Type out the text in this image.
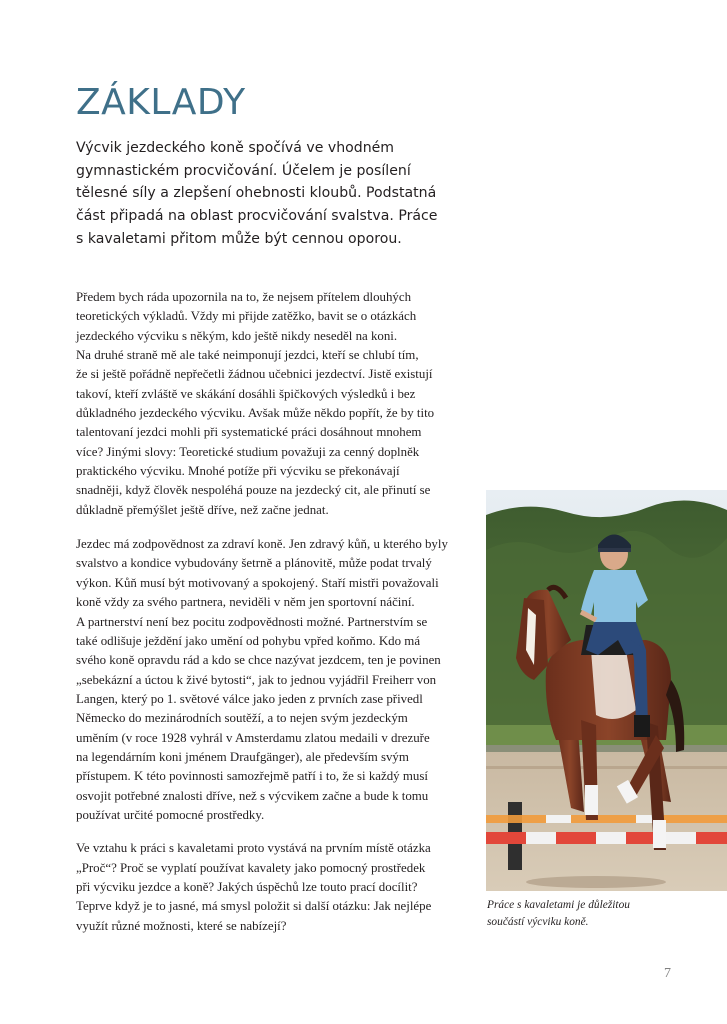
ZÁKLADY

Výcvik jezdeckého koně spočívá ve vhodném
gymnastickém procvičování. Účelem je posílení
tělesné síly a zlepšení ohebnosti kloubů. Podstatná
část připadá na oblast procvičování svalstva. Práce
s kavaletami přitom může být cennou oporou.

Předem bych ráda upozornila na to, že nejsem přítelem dlouhých
teoretických výkladů. Vždy mi přijde zatěžko, bavit se o otázkách
jezdeckého výcviku s někým, kdo ještě nikdy neseděl na koni.
Na druhé straně mě ale také neimponují jezdci, kteří se chlubí tím,
že si ještě pořádně nepřečetli žádnou učebnici jezdectví. Jistě existují
takoví, kteří zvláště ve skákání dosáhli špičkových výsledků i bez
důkladného jezdeckého výcviku. Avšak může někdo popřít, že by tito
talentovaní jezdci mohli při systematické práci dosáhnout mnohem
více? Jinými slovy: Teoretické studium považuji za cenný doplněk
praktického výcviku. Mnohé potíže při výcviku se překonávají
snadněji, když člověk nespoléhá pouze na jezdecký cit, ale přinutí se
důkladně přemýšlet ještě dříve, než začne jednat.

Jezdec má zodpovědnost za zdraví koně. Jen zdravý kůň, u kterého byly
svalstvo a kondice vybudovány šetrně a plánovitě, může podat trvalý
výkon. Kůň musí být motivovaný a spokojený. Staří mistři považovali
koně vždy za svého partnera, neviděli v něm jen sportovní náčiní.
A partnerství není bez pocitu zodpovědnosti možné. Partnerstvím se
také odlišuje ježdění jako umění od pohybu vpřed koňmo. Kdo má
svého koně opravdu rád a kdo se chce nazývat jezdcem, ten je povinen
„sebekázní a úctou k živé bytosti“, jak to jednou vyjádřil Freiherr von
Langen, který po 1. světové válce jako jeden z prvních zase přivedl
Německo do mezinárodních soutěží, a to nejen svým jezdeckým
uměním (v roce 1928 vyhrál v Amsterdamu zlatou medaili v drezuře
na legendárním koni jménem Draufgänger), ale především svým
přístupem. K této povinnosti samozřejmě patří i to, že si každý musí
osvojit potřebné znalosti dříve, než s výcvikem začne a bude k tomu
používat určité pomocné prostředky.

Ve vztahu k práci s kavaletami proto vystává na prvním místě otázka
„Proč“? Proč se vyplatí používat kavalety jako pomocný prostředek
při výcviku jezdce a koně? Jakých úspěchů lze touto prací docílit?
Teprve když je to jasné, má smysl položit si další otázku: Jak nejlépe
využít různé možnosti, které se nabízejí?

Práce s kavaletami je důležitou
součástí výcviku koně.

7
